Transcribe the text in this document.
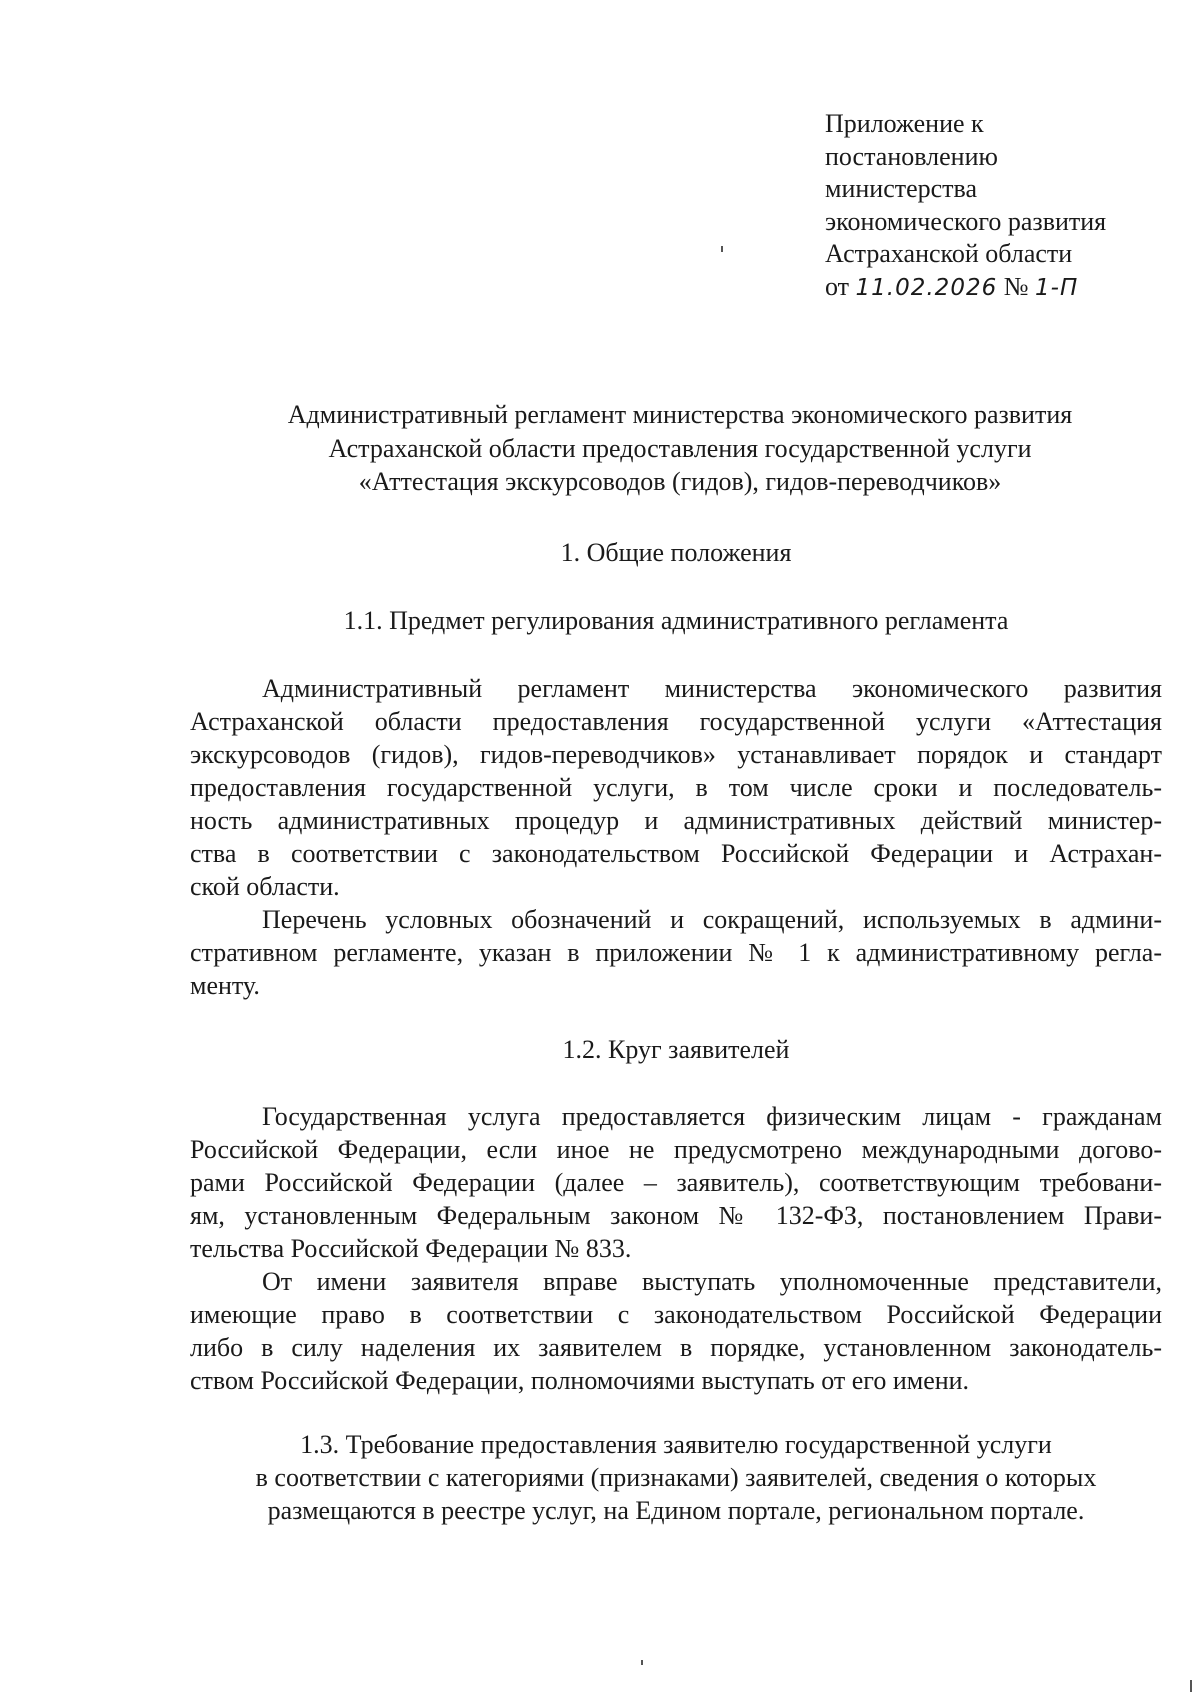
Приложение к
постановлению
министерства
экономического развития
Астраханской области
от 11.02.2026 № 1-П
Административный регламент министерства экономического развития
Астраханской области предоставления государственной услуги
«Аттестация экскурсоводов (гидов), гидов-переводчиков»
1. Общие положения
1.1. Предмет регулирования административного регламента
Административный регламент министерства экономического развития
Астраханской области предоставления государственной услуги «Аттестация
экскурсоводов (гидов), гидов-переводчиков» устанавливает порядок и стандарт
предоставления государственной услуги, в том числе сроки и последователь-
ность административных процедур и административных действий министер-
ства в соответствии с законодательством Российской Федерации и Астрахан-
ской области.
Перечень условных обозначений и сокращений, используемых в админи-
стративном регламенте, указан в приложении № 1 к административному регла-
менту.
1.2. Круг заявителей
Государственная услуга предоставляется физическим лицам - гражданам
Российской Федерации, если иное не предусмотрено международными догово-
рами Российской Федерации (далее – заявитель), соответствующим требовани-
ям, установленным Федеральным законом № 132-ФЗ, постановлением Прави-
тельства Российской Федерации № 833.
От имени заявителя вправе выступать уполномоченные представители,
имеющие право в соответствии с законодательством Российской Федерации
либо в силу наделения их заявителем в порядке, установленном законодатель-
ством Российской Федерации, полномочиями выступать от его имени.
1.3. Требование предоставления заявителю государственной услуги
в соответствии с категориями (признаками) заявителей, сведения о которых
размещаются в реестре услуг, на Едином портале, региональном портале.
